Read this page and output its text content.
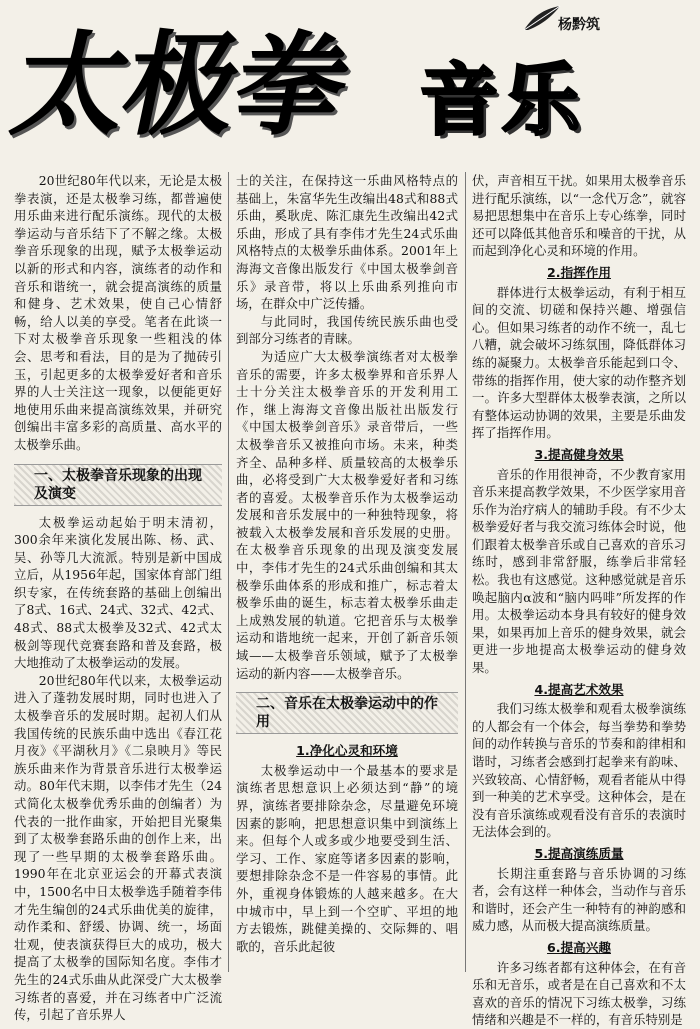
杨黔筑
太极拳 音乐

20世纪80年代以来，无论是太极拳表演，还是太极拳习练，都普遍使用乐曲来进行配乐演练。现代的太极拳运动与音乐结下了不解之缘。太极拳音乐现象的出现，赋予太极拳运动以新的形式和内容，演练者的动作和音乐和谐统一，就会提高演练的质量和健身、艺术效果，使自己心情舒畅，给人以美的享受。笔者在此谈一下对太极拳音乐现象一些粗浅的体会、思考和看法，目的是为了抛砖引玉，引起更多的太极拳爱好者和音乐界的人士关注这一现象，以便能更好地使用乐曲来提高演练效果，并研究创编出丰富多彩的高质量、高水平的太极拳乐曲。

一、太极拳音乐现象的出现及演变

太极拳运动起始于明末清初，300余年来演化发展出陈、杨、武、吴、孙等几大流派。特别是新中国成立后，从1956年起，国家体育部门组织专家，在传统套路的基础上创编出了8式、16式、24式、32式、42式、48式、88式太极拳及32式、42式太极剑等现代竞赛套路和普及套路，极大地推动了太极拳运动的发展。

20世纪80年代以来，太极拳运动进入了蓬勃发展时期，同时也进入了太极拳音乐的发展时期。起初人们从我国传统的民族乐曲中选出《春江花月夜》《平湖秋月》《二泉映月》等民族乐曲来作为背景音乐进行太极拳运动。80年代末期，以李伟才先生（24式简化太极拳优秀乐曲的创编者）为代表的一批作曲家，开始把目光聚集到了太极拳套路乐曲的创作上来，出现了一些早期的太极拳套路乐曲。1990年在北京亚运会的开幕式表演中，1500名中日太极拳选手随着李伟才先生编创的24式乐曲优美的旋律，动作柔和、舒缓、协调、统一，场面壮观，使表演获得巨大的成功，极大提高了太极拳的国际知名度。李伟才先生的24式乐曲从此深受广大太极拳习练者的喜爱，并在习练者中广泛流传，引起了音乐界人

士的关注，在保持这一乐曲风格特点的基础上，朱富华先生改编出48式和88式乐曲，奚耿虎、陈汇康先生改编出42式乐曲，形成了具有李伟才先生24式乐曲风格特点的太极拳乐曲体系。2001年上海海文音像出版发行《中国太极拳剑音乐》录音带，将以上乐曲系列推向市场，在群众中广泛传播。

与此同时，我国传统民族乐曲也受到部分习练者的青睐。

为适应广大太极拳演练者对太极拳音乐的需要，许多太极拳界和音乐界人士十分关注太极拳音乐的开发利用工作，继上海海文音像出版社出版发行《中国太极拳剑音乐》录音带后，一些太极拳音乐又被推向市场。未来，种类齐全、品种多样、质量较高的太极拳乐曲，必将受到广大太极拳爱好者和习练者的喜爱。太极拳音乐作为太极拳运动发展和音乐发展中的一种独特现象，将被载入太极拳发展和音乐发展的史册。在太极拳音乐现象的出现及演变发展中，李伟才先生的24式乐曲创编和其太极拳乐曲体系的形成和推广，标志着太极拳乐曲的诞生，标志着太极拳乐曲走上成熟发展的轨道。它把音乐与太极拳运动和谐地统一起来，开创了新音乐领域——太极拳音乐领域，赋予了太极拳运动的新内容——太极拳音乐。

二、音乐在太极拳运动中的作用
1.净化心灵和环境

太极拳运动中一个最基本的要求是演练者思想意识上必须达到“静”的境界，演练者要排除杂念，尽量避免环境因素的影响，把思想意识集中到演练上来。但每个人或多或少地要受到生活、学习、工作、家庭等诸多因素的影响，要想排除杂念不是一件容易的事情。此外，重视身体锻炼的人越来越多。在大中城市中，早上到一个空旷、平坦的地方去锻炼，跳健美操的、交际舞的、唱歌的，音乐此起彼

伏，声音相互干扰。如果用太极拳音乐进行配乐演练，以“一念代万念”，就容易把思想集中在音乐上专心练拳，同时还可以降低其他音乐和噪音的干扰，从而起到净化心灵和环境的作用。

2.指挥作用

群体进行太极拳运动，有利于相互间的交流、切磋和保持兴趣、增强信心。但如果习练者的动作不统一，乱七八糟，就会破坏习练氛围，降低群体习练的凝聚力。太极拳音乐能起到口令、带练的指挥作用，使大家的动作整齐划一。许多大型群体太极拳表演，之所以有整体运动协调的效果，主要是乐曲发挥了指挥作用。

3.提高健身效果

音乐的作用很神奇，不少教育家用音乐来提高教学效果，不少医学家用音乐作为治疗病人的辅助手段。有不少太极拳爱好者与我交流习练体会时说，他们跟着太极拳音乐或自己喜欢的音乐习练时，感到非常舒服，练拳后非常轻松。我也有这感觉。这种感觉就是音乐唤起脑内α波和“脑内吗啡”所发挥的作用。太极拳运动本身具有较好的健身效果，如果再加上音乐的健身效果，就会更进一步地提高太极拳运动的健身效果。

4.提高艺术效果

我们习练太极拳和观看太极拳演练的人都会有一个体会，每当拳势和拳势间的动作转换与音乐的节奏和韵律相和谐时，习练者会感到打起拳来有韵味、兴致较高、心情舒畅，观看者能从中得到一种美的艺术享受。这种体会，是在没有音乐演练或观看没有音乐的表演时无法体会到的。

5.提高演练质量

长期注重套路与音乐协调的习练者，会有这样一种体会，当动作与音乐和谐时，还会产生一种特有的神韵感和威力感，从而极大提高演练质量。

6.提高兴趣

许多习练者都有这种体会，在有音乐和无音乐，或者是在自己喜欢和不太喜欢的音乐的情况下习练太极拳，习练情绪和兴趣是不一样的，有音乐特别是
